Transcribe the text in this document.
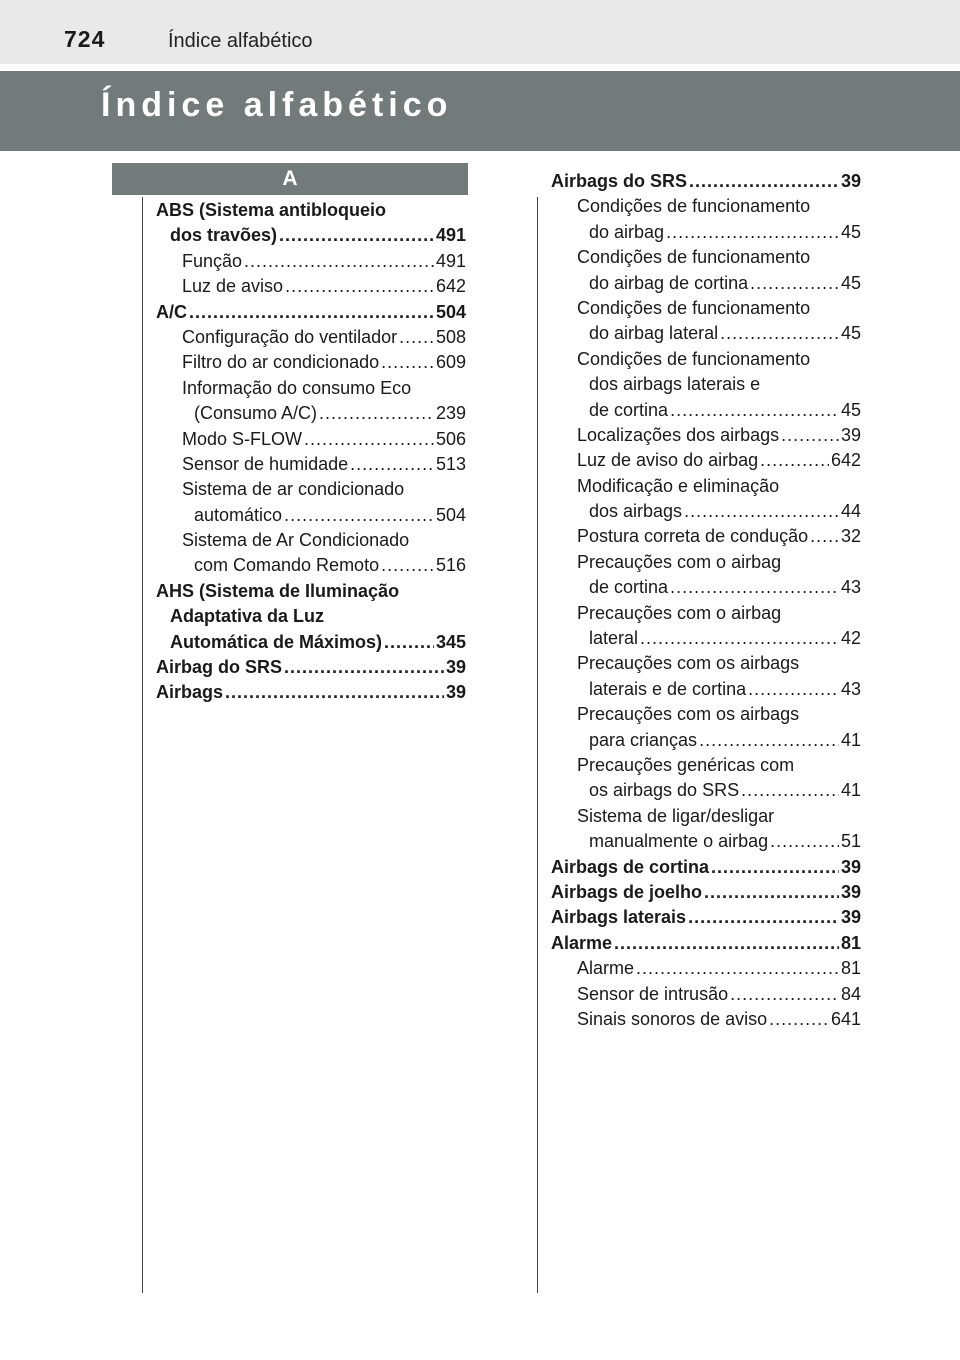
724	Índice alfabético
Índice alfabético
A
ABS (Sistema antibloqueio
dos travões) .....	491
Função .....	491
Luz de aviso .....	642
A/C .....	504
Configuração do ventilador ..... 508
Filtro do ar condicionado .....	609
Informação do consumo Eco
(Consumo A/C) .....	239
Modo S-FLOW .....	506
Sensor de humidade .....	513
Sistema de ar condicionado
automático .....	504
Sistema de Ar Condicionado
com Comando Remoto .....	516
AHS (Sistema de Iluminação
Adaptativa da Luz
Automática de Máximos) .....	345
Airbag do SRS .....	39
Airbags .....	39
Airbags do SRS .....	39
Condições de funcionamento
do airbag .....	45
Condições de funcionamento
do airbag de cortina .....	45
Condições de funcionamento
do airbag lateral .....	45
Condições de funcionamento
dos airbags laterais e
de cortina .....	45
Localizações dos airbags .....	39
Luz de aviso do airbag .....	642
Modificação e eliminação
dos airbags .....	44
Postura correta de condução ..... 32
Precauções com o airbag
de cortina .....	43
Precauções com o airbag
lateral .....	42
Precauções com os airbags
laterais e de cortina .....	43
Precauções com os airbags
para crianças .....	41
Precauções genéricas com
os airbags do SRS .....	41
Sistema de ligar/desligar
manualmente o airbag .....	51
Airbags de cortina .....	39
Airbags de joelho .....	39
Airbags laterais .....	39
Alarme .....	81
Alarme .....	81
Sensor de intrusão .....	84
Sinais sonoros de aviso .....	641
